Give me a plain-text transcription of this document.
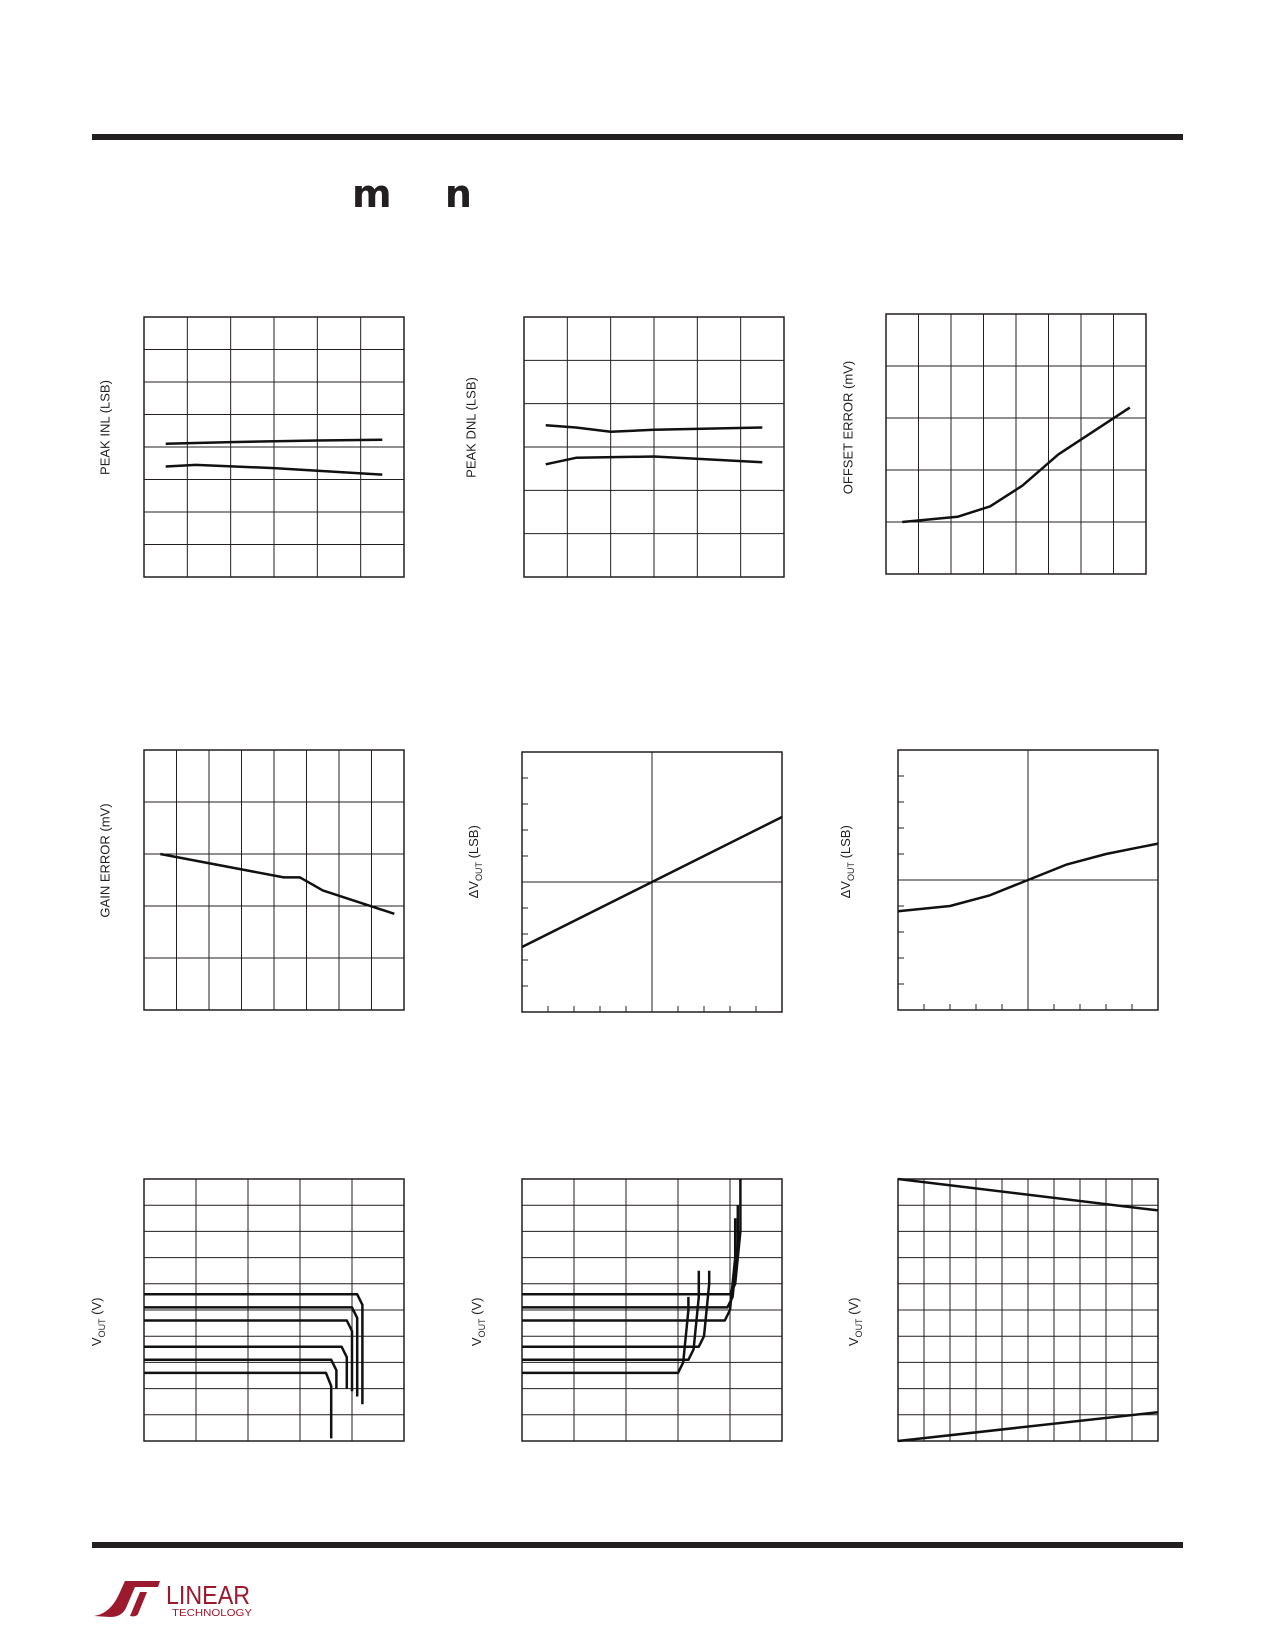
m n
PEAK INL (LSB)	PEAK DNL (LSB)	OFFSET ERROR (mV)
GAIN ERROR (mV)	$\Delta V_{OUT}$ (LSB)
$\Delta V_{OUT}$ (LSB)
$V_{OUT}$ (V)
$V_{OUT}$ (V)
$V_{OUT}$ (V)
LINEAR
TECHNOLOGY
